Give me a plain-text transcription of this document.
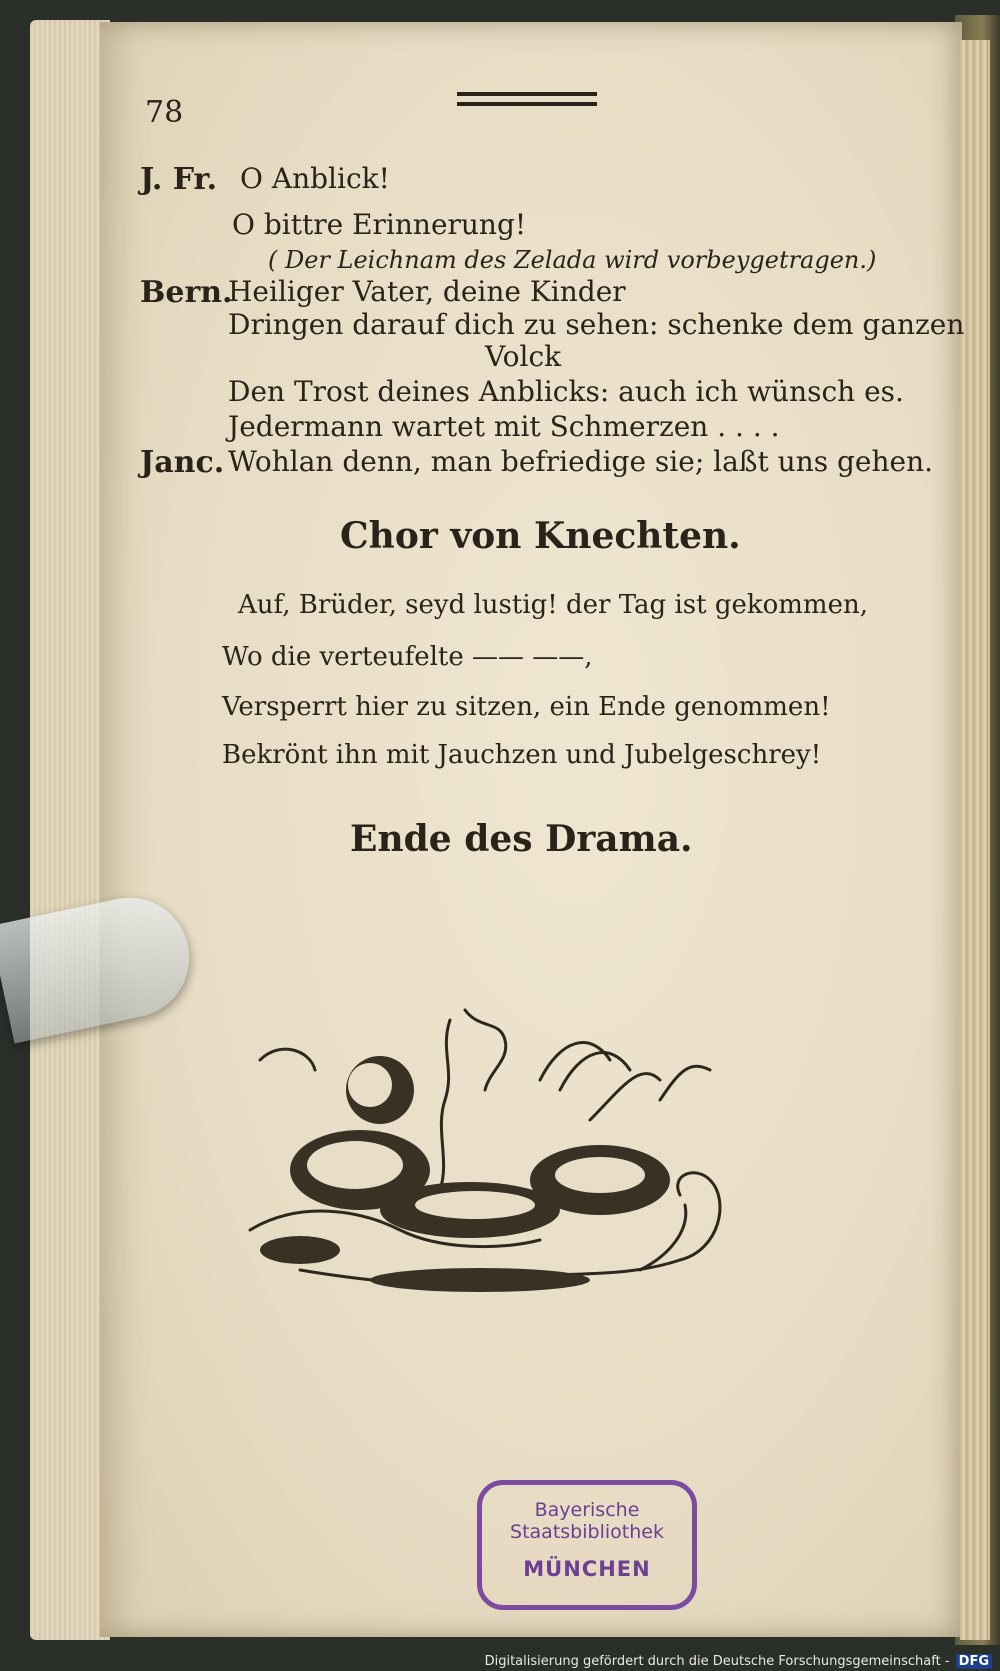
78
J. Fr. O Anblick!
O bittre Erinnerung!
( Der Leichnam des Zelada wird vorbeygetragen.)
Bern.
Heiliger Vater, deine Kinder
Dringen darauf dich zu sehen: schenke dem ganzen
Volck
Den Trost deines Anblicks: auch ich wünsch es.
Jedermann wartet mit Schmerzen . . . .
Janc. Wohlan denn, man befriedige sie; laßt uns gehen.
Chor von Knechten.
Auf, Brüder, seyd lustig! der Tag ist gekommen,
Wo die verteufelte —— ——,
Versperrt hier zu sitzen, ein Ende genommen!
Bekrönt ihn mit Jauchzen und Jubelgeschrey!
Ende des Drama.
Bayerische
Staatsbibliothek
MÜNCHEN
Digitalisierung gefördert durch die Deutsche Forschungsgemeinschaft - DFG
